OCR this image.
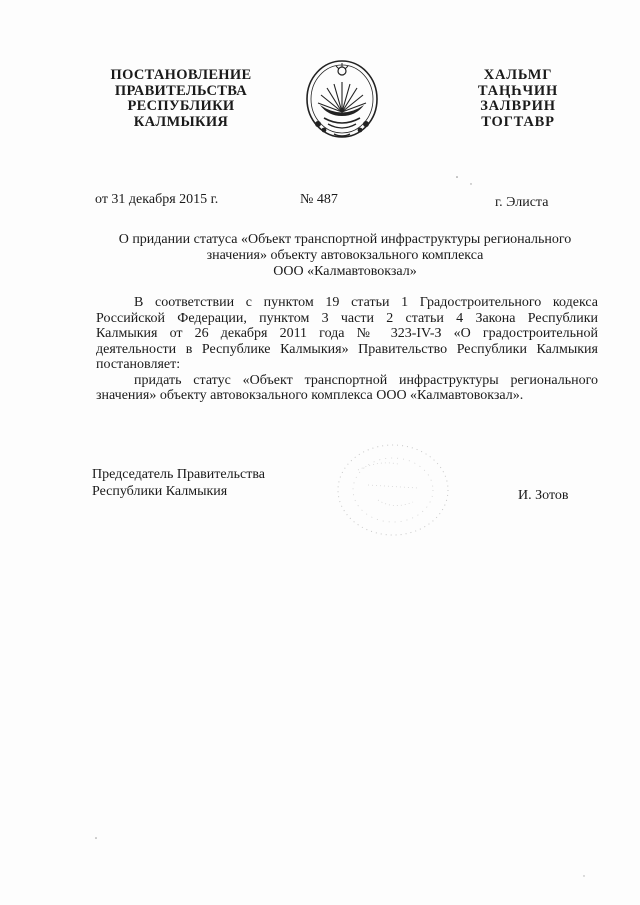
ПОСТАНОВЛЕНИЕ
ПРАВИТЕЛЬСТВА
РЕСПУБЛИКИ
КАЛМЫКИЯ
ХАЛЬМГ
ТАҢҺЧИН
ЗАЛВРИН
ТОГТАВР
от 31 декабря 2015 г.	№ 487	г. Элиста
О придании статуса «Объект транспортной инфраструктуры регионального
значения» объекту автовокзального комплекса
ООО «Калмавтовокзал»
В соответствии с пунктом 19 статьи 1 Градостроительного кодекса
Российской Федерации, пунктом 3 части 2 статьи 4 Закона Республики
Калмыкия от 26 декабря 2011 года № 323-IV-З «О градостроительной
деятельности в Республике Калмыкия» Правительство Республики Калмыкия
постановляет:
придать статус «Объект транспортной инфраструктуры регионального
значения» объекту автовокзального комплекса ООО «Калмавтовокзал».
Председатель Правительства
Республики Калмыкия	И. Зотов
